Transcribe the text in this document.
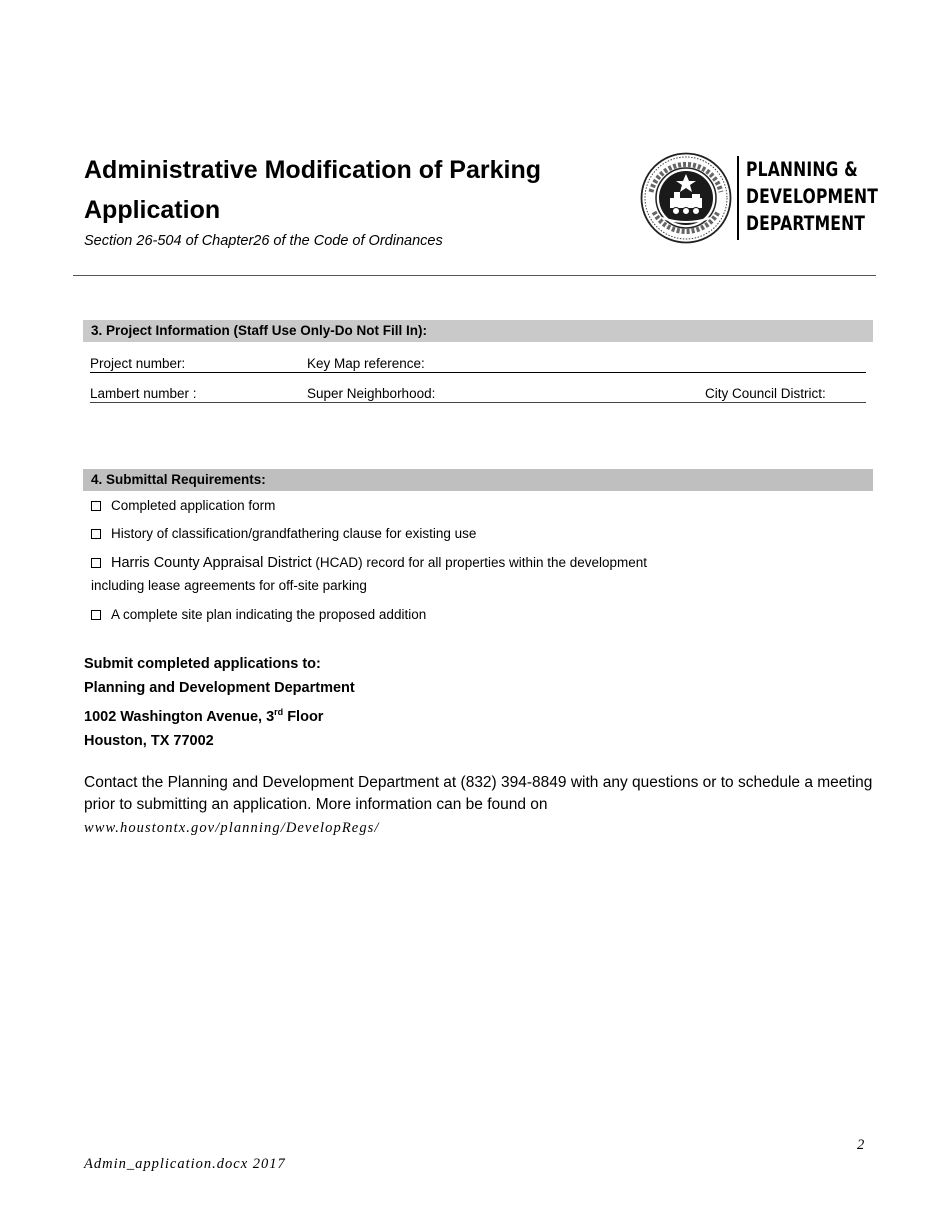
Administrative Modification of Parking Application
Section 26-504 of Chapter26 of the Code of Ordinances
PLANNING &
DEVELOPMENT
DEPARTMENT
3. Project Information (Staff Use Only-Do Not Fill In):
Project number:	Key Map reference:
Lambert number :	Super Neighborhood:	City Council District:
4. Submittal Requirements:
Completed application form
History of classification/grandfathering clause for existing use
Harris County Appraisal District (HCAD) record for all properties within the development
including lease agreements for off-site parking
A complete site plan indicating the proposed addition
Submit completed applications to:
Planning and Development Department
1002 Washington Avenue, 3rd Floor
Houston, TX 77002
Contact the Planning and Development Department at (832) 394-8849 with any questions or to schedule a meeting prior to submitting an application. More information can be found on
www.houstontx.gov/planning/DevelopRegs/
2
Admin_application.docx 2017
